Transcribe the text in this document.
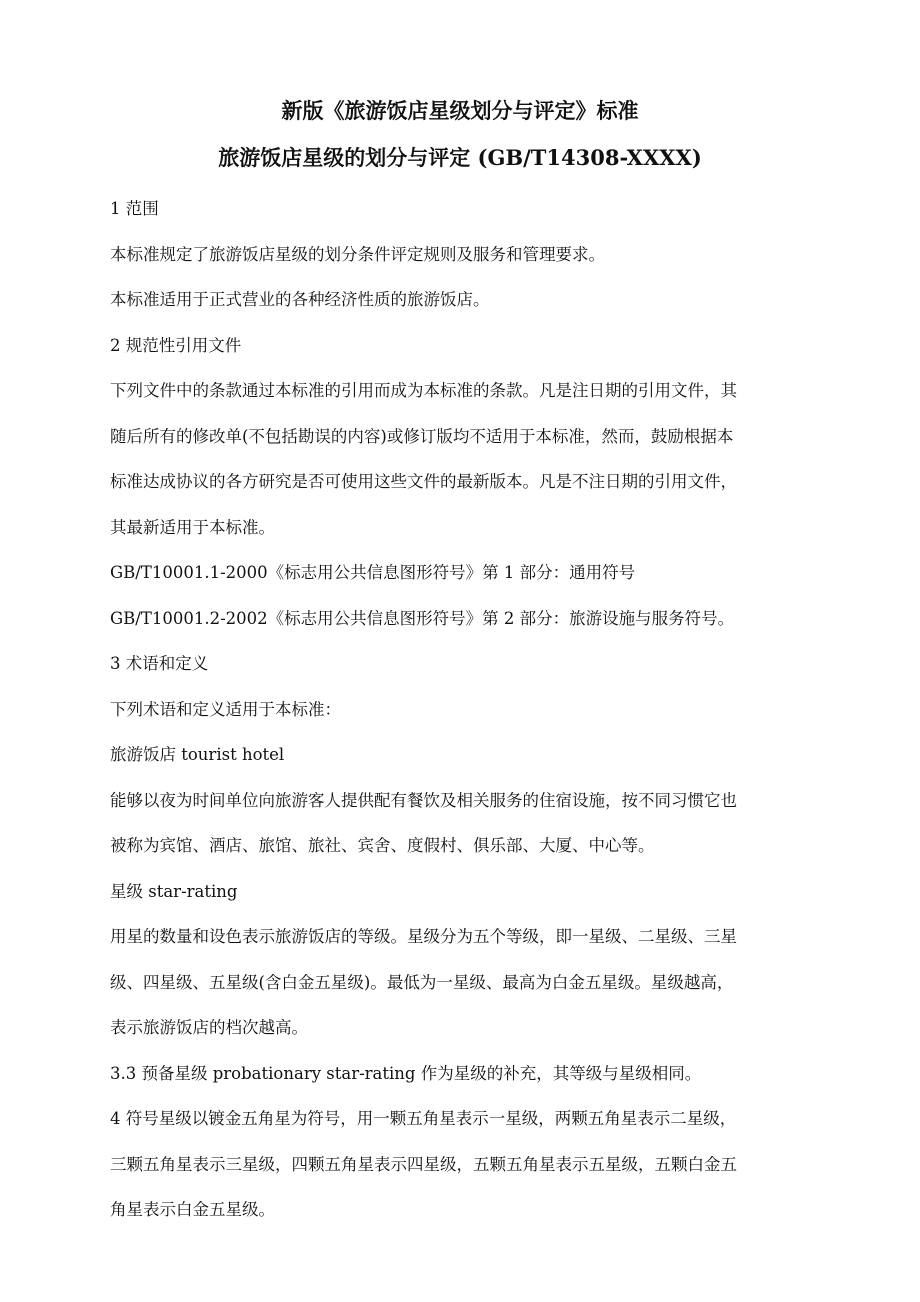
新版《旅游饭店星级划分与评定》标准
旅游饭店星级的划分与评定 (GB/T14308-XXXX)
1 范围
本标准规定了旅游饭店星级的划分条件评定规则及服务和管理要求。
本标准适用于正式营业的各种经济性质的旅游饭店。
2 规范性引用文件
下列文件中的条款通过本标准的引用而成为本标准的条款。凡是注日期的引用文件，其
随后所有的修改单(不包括勘误的内容)或修订版均不适用于本标准，然而，鼓励根据本
标准达成协议的各方研究是否可使用这些文件的最新版本。凡是不注日期的引用文件，
其最新适用于本标准。
GB/T10001.1-2000《标志用公共信息图形符号》第 1 部分：通用符号
GB/T10001.2-2002《标志用公共信息图形符号》第 2 部分：旅游设施与服务符号。
3 术语和定义
下列术语和定义适用于本标准：
旅游饭店 tourist hotel
能够以夜为时间单位向旅游客人提供配有餐饮及相关服务的住宿设施，按不同习惯它也
被称为宾馆、酒店、旅馆、旅社、宾舍、度假村、俱乐部、大厦、中心等。
星级 star-rating
用星的数量和设色表示旅游饭店的等级。星级分为五个等级，即一星级、二星级、三星
级、四星级、五星级(含白金五星级)。最低为一星级、最高为白金五星级。星级越高，
表示旅游饭店的档次越高。
3.3 预备星级 probationary star-rating 作为星级的补充，其等级与星级相同。
4 符号星级以镀金五角星为符号，用一颗五角星表示一星级，两颗五角星表示二星级，
三颗五角星表示三星级，四颗五角星表示四星级，五颗五角星表示五星级，五颗白金五
角星表示白金五星级。
